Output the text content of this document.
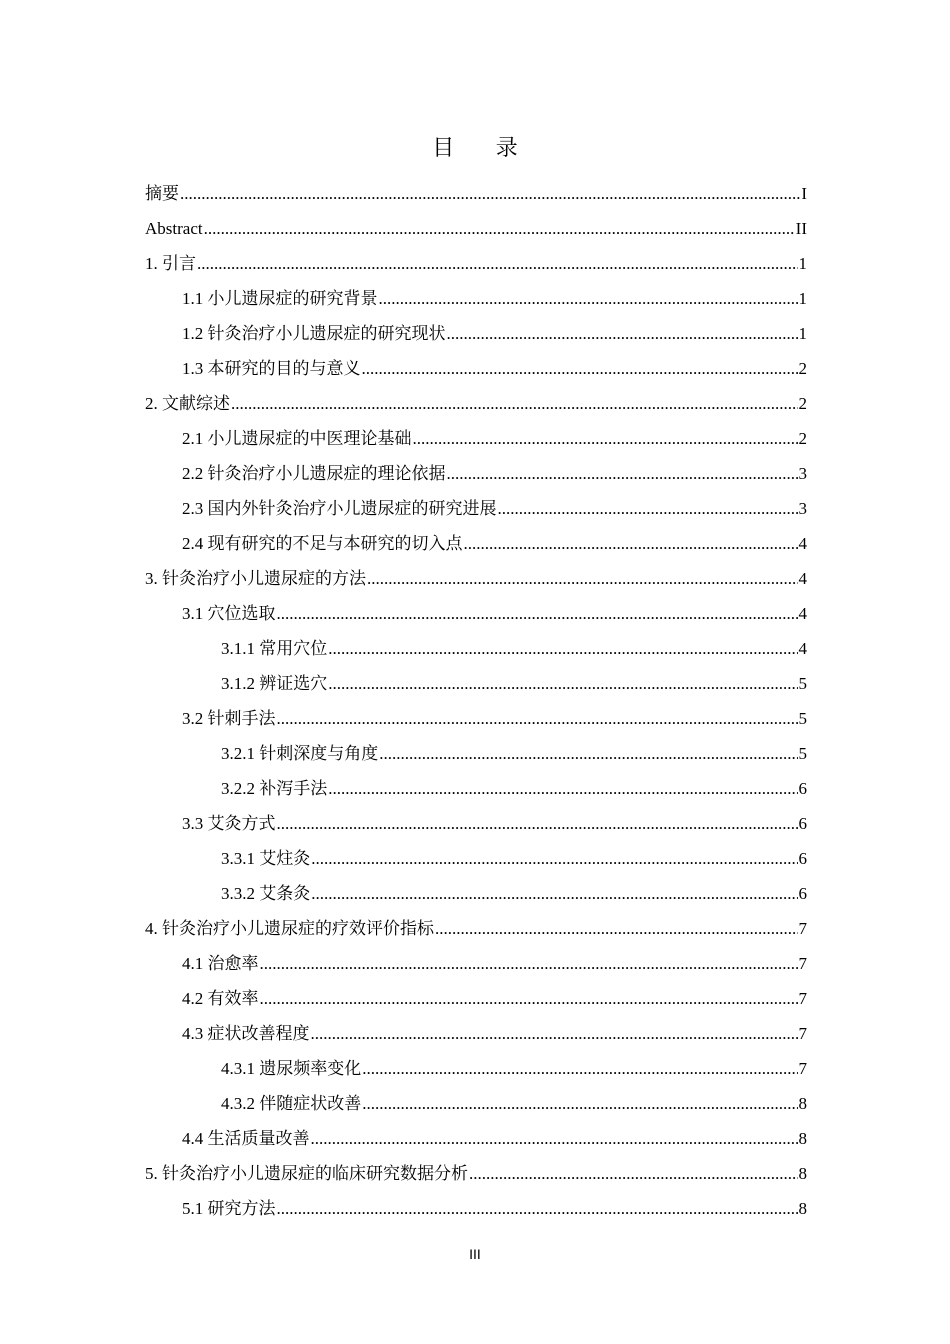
目 录
摘要 .....	I
Abstract .....	II
1. 引言 .....	1
1.1 小儿遗尿症的研究背景 .....	1
1.2 针灸治疗小儿遗尿症的研究现状 .....	1
1.3 本研究的目的与意义 .....	2
2. 文献综述 .....	2
2.1 小儿遗尿症的中医理论基础 .....	2
2.2 针灸治疗小儿遗尿症的理论依据 .....	3
2.3 国内外针灸治疗小儿遗尿症的研究进展 .....	3
2.4 现有研究的不足与本研究的切入点 .....	4
3. 针灸治疗小儿遗尿症的方法 .....	4
3.1 穴位选取 .....	4
3.1.1 常用穴位 .....	4
3.1.2 辨证选穴 .....	5
3.2 针刺手法 .....	5
3.2.1 针刺深度与角度 .....	5
3.2.2 补泻手法 .....	6
3.3 艾灸方式 .....	6
3.3.1 艾炷灸 .....	6
3.3.2 艾条灸 .....	6
4. 针灸治疗小儿遗尿症的疗效评价指标 .....	7
4.1 治愈率 .....	7
4.2 有效率 .....	7
4.3 症状改善程度 .....	7
4.3.1 遗尿频率变化 .....	7
4.3.2 伴随症状改善 .....	8
4.4 生活质量改善 .....	8
5. 针灸治疗小儿遗尿症的临床研究数据分析 .....	8
5.1 研究方法 .....	8
III
